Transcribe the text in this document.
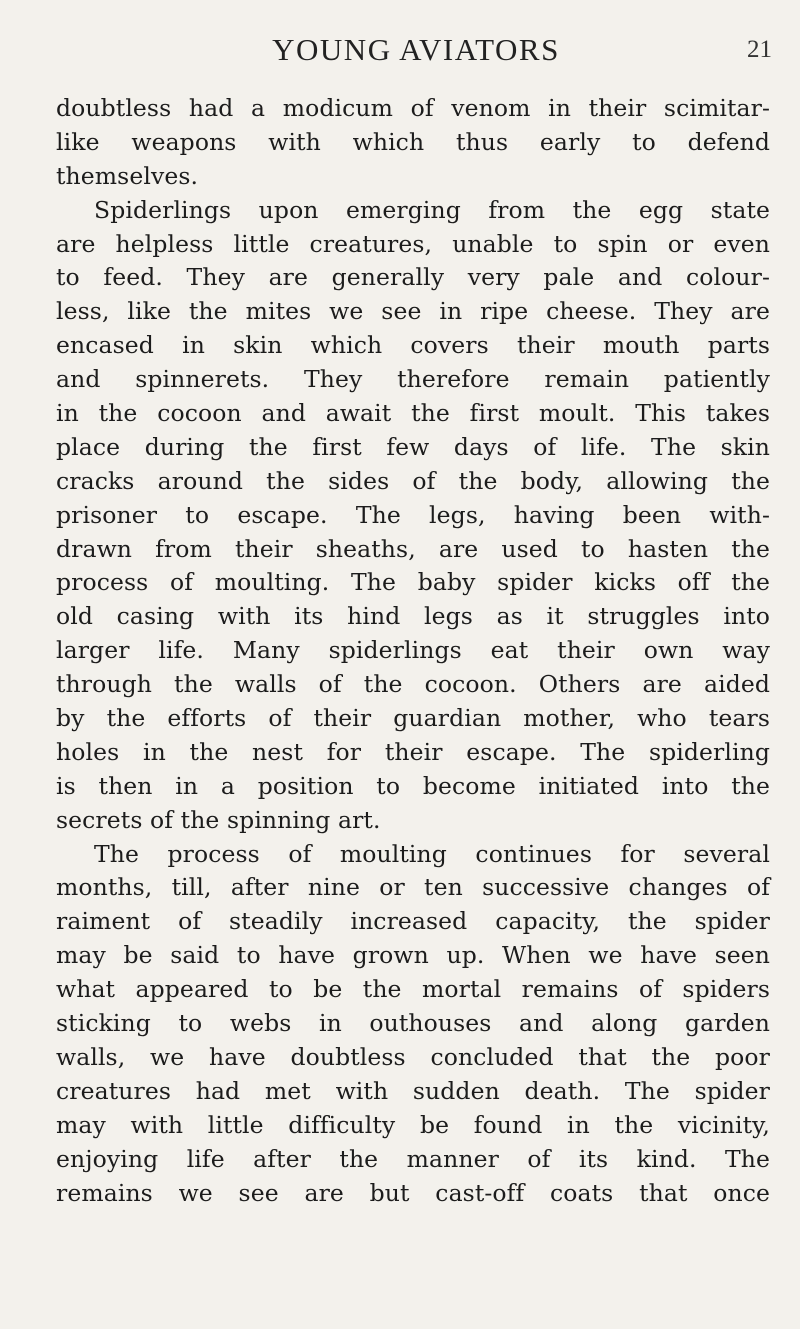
YOUNG AVIATORS	21
doubtless had a modicum of venom in their scimitar-
like weapons with which thus early to defend
themselves.
Spiderlings upon emerging from the egg state
are helpless little creatures, unable to spin or even
to feed. They are generally very pale and colour-
less, like the mites we see in ripe cheese. They are
encased in skin which covers their mouth parts
and spinnerets. They therefore remain patiently
in the cocoon and await the first moult. This takes
place during the first few days of life. The skin
cracks around the sides of the body, allowing the
prisoner to escape. The legs, having been with-
drawn from their sheaths, are used to hasten the
process of moulting. The baby spider kicks off the
old casing with its hind legs as it struggles into
larger life. Many spiderlings eat their own way
through the walls of the cocoon. Others are aided
by the efforts of their guardian mother, who tears
holes in the nest for their escape. The spiderling
is then in a position to become initiated into the
secrets of the spinning art.
The process of moulting continues for several
months, till, after nine or ten successive changes of
raiment of steadily increased capacity, the spider
may be said to have grown up. When we have seen
what appeared to be the mortal remains of spiders
sticking to webs in outhouses and along garden
walls, we have doubtless concluded that the poor
creatures had met with sudden death. The spider
may with little difficulty be found in the vicinity,
enjoying life after the manner of its kind. The
remains we see are but cast-off coats that once
